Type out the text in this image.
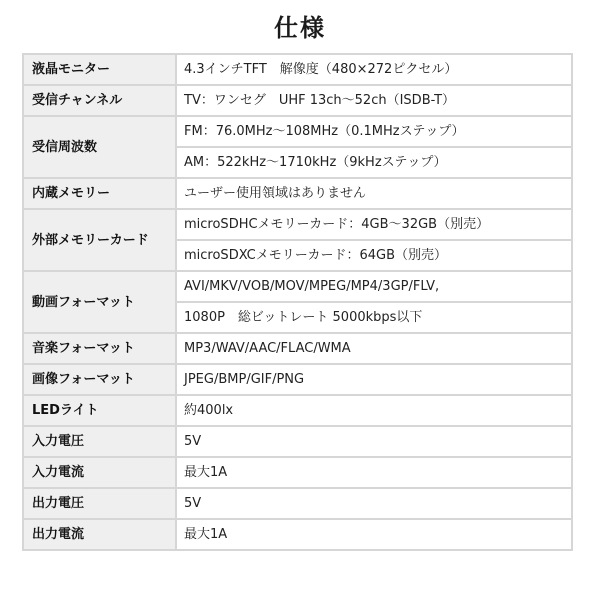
仕様
液晶モニター	4.3インチTFT　解像度（480×272ピクセル）
受信チャンネル	TV：ワンセグ　UHF 13ch～52ch（ISDB-T）
受信周波数	FM：76.0MHz～108MHz（0.1MHzステップ）
	AM：522kHz～1710kHz（9kHzステップ）
内蔵メモリー	ユーザー使用領域はありません
外部メモリーカード	microSDHCメモリーカード：4GB～32GB（別売）
	microSDXCメモリーカード：64GB（別売）
動画フォーマット	AVI/MKV/VOB/MOV/MPEG/MP4/3GP/FLV,
	1080P　総ビットレート 5000kbps以下
音楽フォーマット	MP3/WAV/AAC/FLAC/WMA
画像フォーマット	JPEG/BMP/GIF/PNG
LEDライト	約400lx
入力電圧	5V
入力電流	最大1A
出力電圧	5V
出力電流	最大1A
